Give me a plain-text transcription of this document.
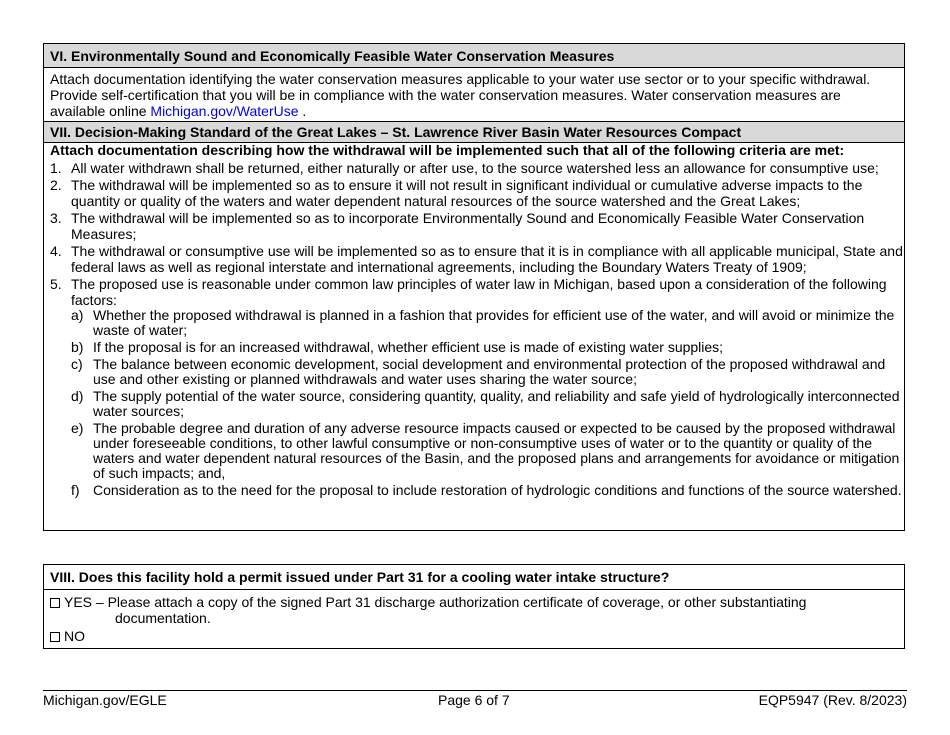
VI. Environmentally Sound and Economically Feasible Water Conservation Measures
Attach documentation identifying the water conservation measures applicable to your water use sector or to your specific withdrawal. Provide self-certification that you will be in compliance with the water conservation measures. Water conservation measures are available online Michigan.gov/WaterUse .
VII. Decision-Making Standard of the Great Lakes – St. Lawrence River Basin Water Resources Compact
Attach documentation describing how the withdrawal will be implemented such that all of the following criteria are met:
1. All water withdrawn shall be returned, either naturally or after use, to the source watershed less an allowance for consumptive use;
2. The withdrawal will be implemented so as to ensure it will not result in significant individual or cumulative adverse impacts to the quantity or quality of the waters and water dependent natural resources of the source watershed and the Great Lakes;
3. The withdrawal will be implemented so as to incorporate Environmentally Sound and Economically Feasible Water Conservation Measures;
4. The withdrawal or consumptive use will be implemented so as to ensure that it is in compliance with all applicable municipal, State and federal laws as well as regional interstate and international agreements, including the Boundary Waters Treaty of 1909;
5. The proposed use is reasonable under common law principles of water law in Michigan, based upon a consideration of the following factors:
a) Whether the proposed withdrawal is planned in a fashion that provides for efficient use of the water, and will avoid or minimize the waste of water;
b) If the proposal is for an increased withdrawal, whether efficient use is made of existing water supplies;
c) The balance between economic development, social development and environmental protection of the proposed withdrawal and use and other existing or planned withdrawals and water uses sharing the water source;
d) The supply potential of the water source, considering quantity, quality, and reliability and safe yield of hydrologically interconnected water sources;
e) The probable degree and duration of any adverse resource impacts caused or expected to be caused by the proposed withdrawal under foreseeable conditions, to other lawful consumptive or non-consumptive uses of water or to the quantity or quality of the waters and water dependent natural resources of the Basin, and the proposed plans and arrangements for avoidance or mitigation of such impacts; and,
f) Consideration as to the need for the proposal to include restoration of hydrologic conditions and functions of the source watershed.
VIII. Does this facility hold a permit issued under Part 31 for a cooling water intake structure?
YES – Please attach a copy of the signed Part 31 discharge authorization certificate of coverage, or other substantiating
documentation.
NO
Michigan.gov/EGLE	Page 6 of 7	EQP5947 (Rev. 8/2023)
